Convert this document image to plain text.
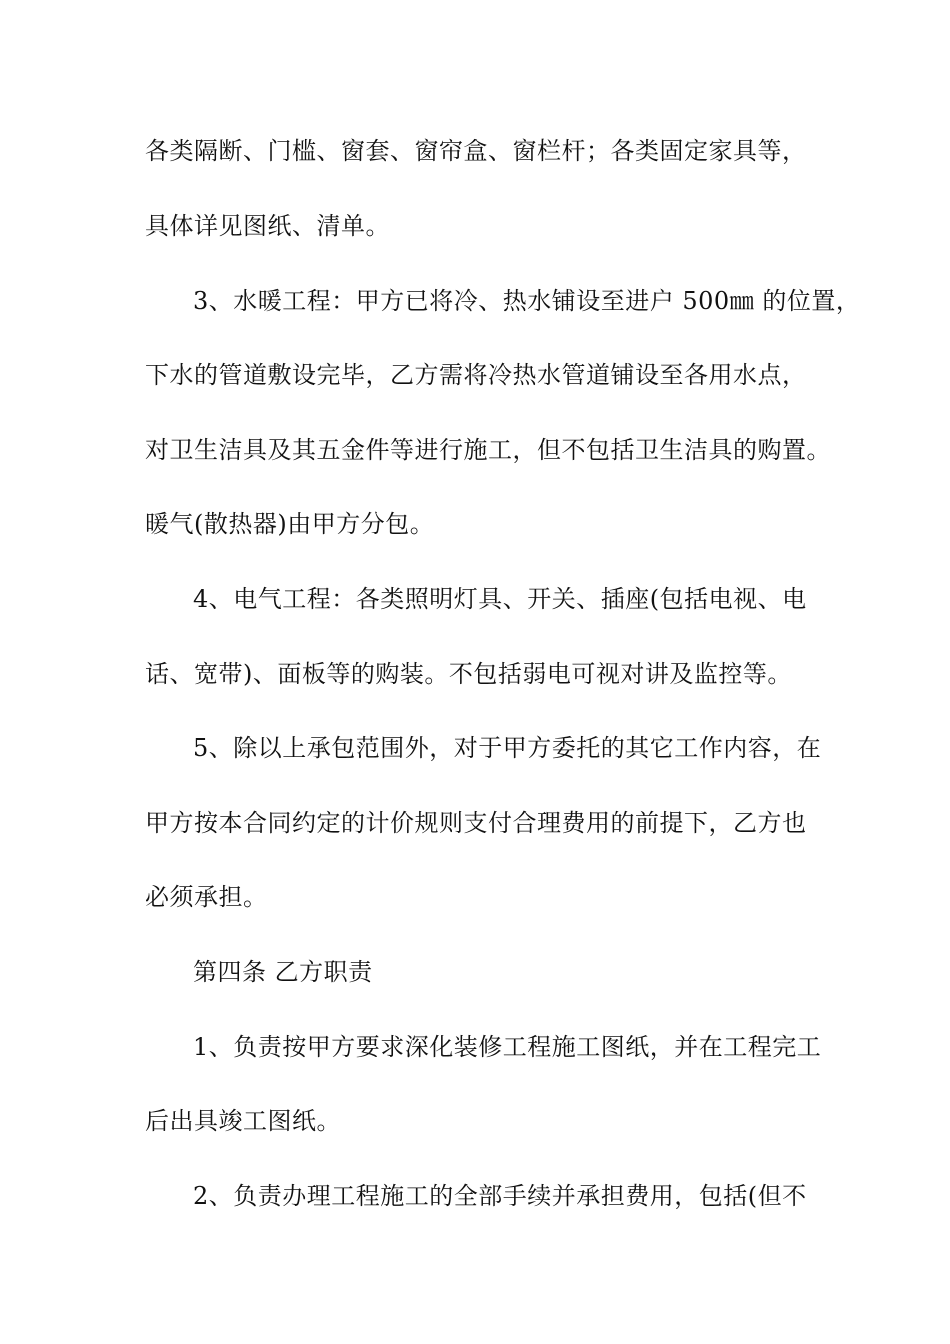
各类隔断、门槛、窗套、窗帘盒、窗栏杆；各类固定家具等，
具体详见图纸、清单。
3、水暖工程：甲方已将冷、热水铺设至进户 500㎜ 的位置，
下水的管道敷设完毕，乙方需将冷热水管道铺设至各用水点，
对卫生洁具及其五金件等进行施工，但不包括卫生洁具的购置。
暖气(散热器)由甲方分包。
4、电气工程：各类照明灯具、开关、插座(包括电视、电
话、宽带)、面板等的购装。不包括弱电可视对讲及监控等。
5、除以上承包范围外，对于甲方委托的其它工作内容，在
甲方按本合同约定的计价规则支付合理费用的前提下，乙方也
必须承担。
第四条 乙方职责
1、负责按甲方要求深化装修工程施工图纸，并在工程完工
后出具竣工图纸。
2、负责办理工程施工的全部手续并承担费用，包括(但不
